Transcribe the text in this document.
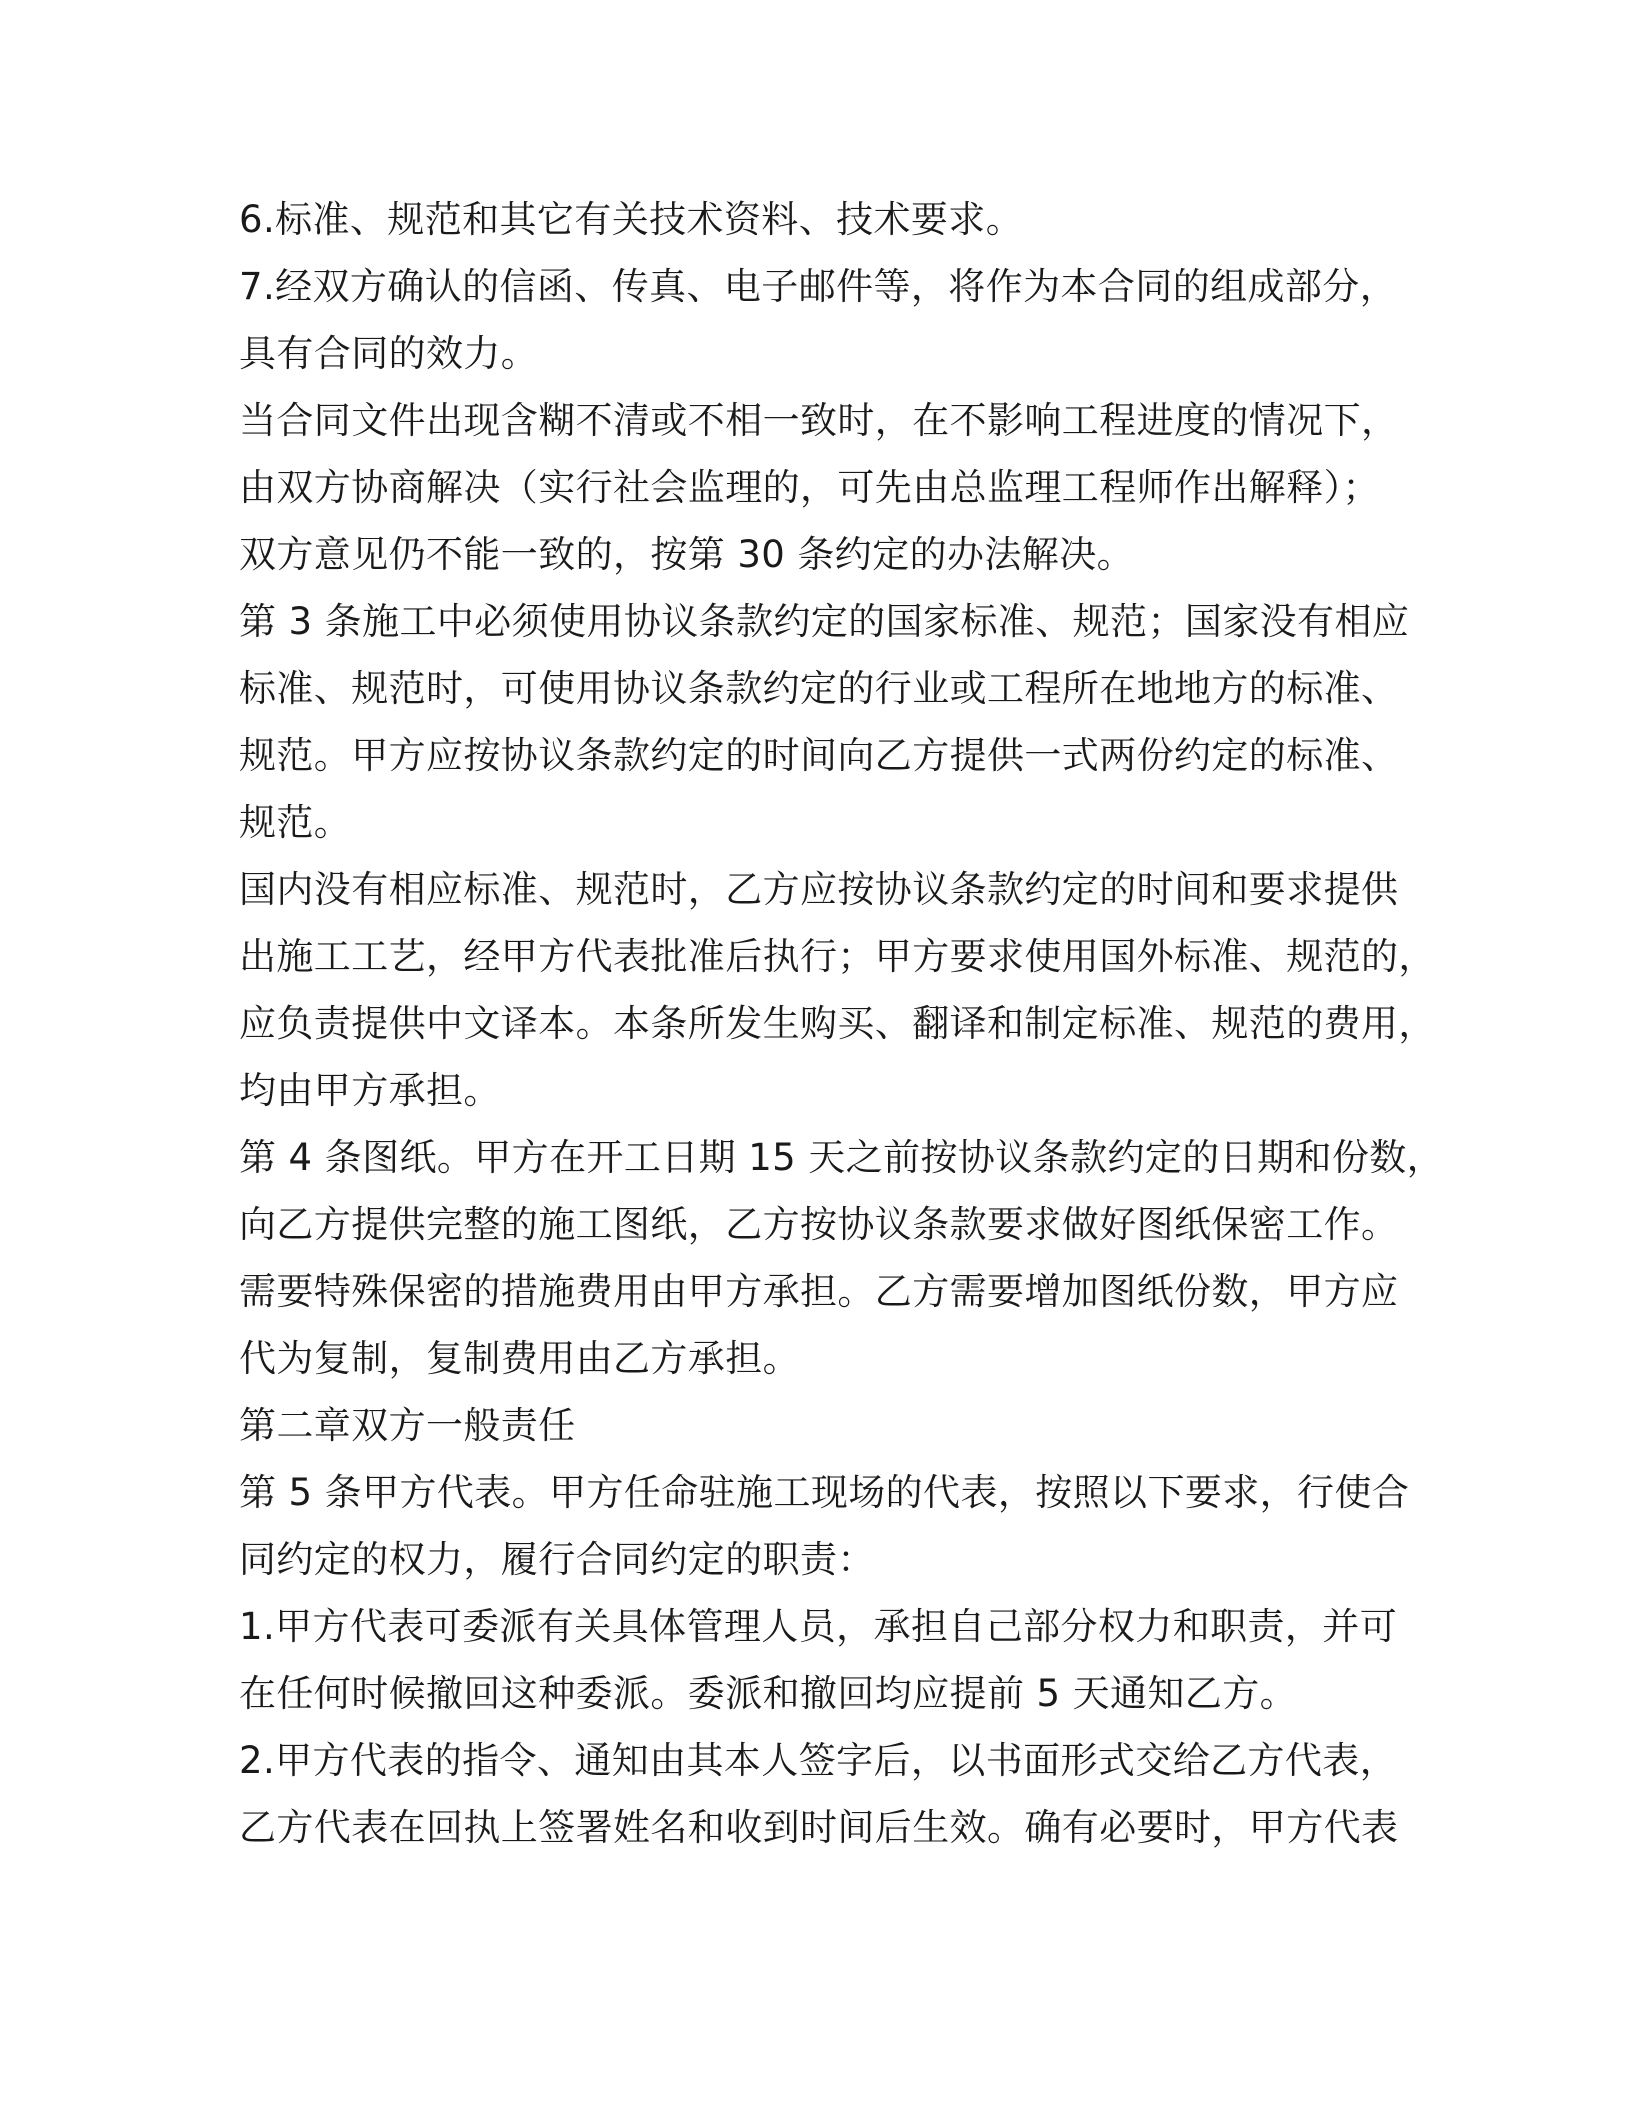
6.标准、规范和其它有关技术资料、技术要求。
7.经双方确认的信函、传真、电子邮件等，将作为本合同的组成部分，
具有合同的效力。
当合同文件出现含糊不清或不相一致时，在不影响工程进度的情况下，
由双方协商解决（实行社会监理的，可先由总监理工程师作出解释）；
双方意见仍不能一致的，按第 30 条约定的办法解决。
第 3 条施工中必须使用协议条款约定的国家标准、规范；国家没有相应
标准、规范时，可使用协议条款约定的行业或工程所在地地方的标准、
规范。甲方应按协议条款约定的时间向乙方提供一式两份约定的标准、
规范。
国内没有相应标准、规范时，乙方应按协议条款约定的时间和要求提供
出施工工艺，经甲方代表批准后执行；甲方要求使用国外标准、规范的，
应负责提供中文译本。本条所发生购买、翻译和制定标准、规范的费用，
均由甲方承担。
第 4 条图纸。甲方在开工日期 15 天之前按协议条款约定的日期和份数，
向乙方提供完整的施工图纸，乙方按协议条款要求做好图纸保密工作。
需要特殊保密的措施费用由甲方承担。乙方需要增加图纸份数，甲方应
代为复制，复制费用由乙方承担。
第二章双方一般责任
第 5 条甲方代表。甲方任命驻施工现场的代表，按照以下要求，行使合
同约定的权力，履行合同约定的职责：
1.甲方代表可委派有关具体管理人员，承担自己部分权力和职责，并可
在任何时候撤回这种委派。委派和撤回均应提前 5 天通知乙方。
2.甲方代表的指令、通知由其本人签字后，以书面形式交给乙方代表，
乙方代表在回执上签署姓名和收到时间后生效。确有必要时，甲方代表
